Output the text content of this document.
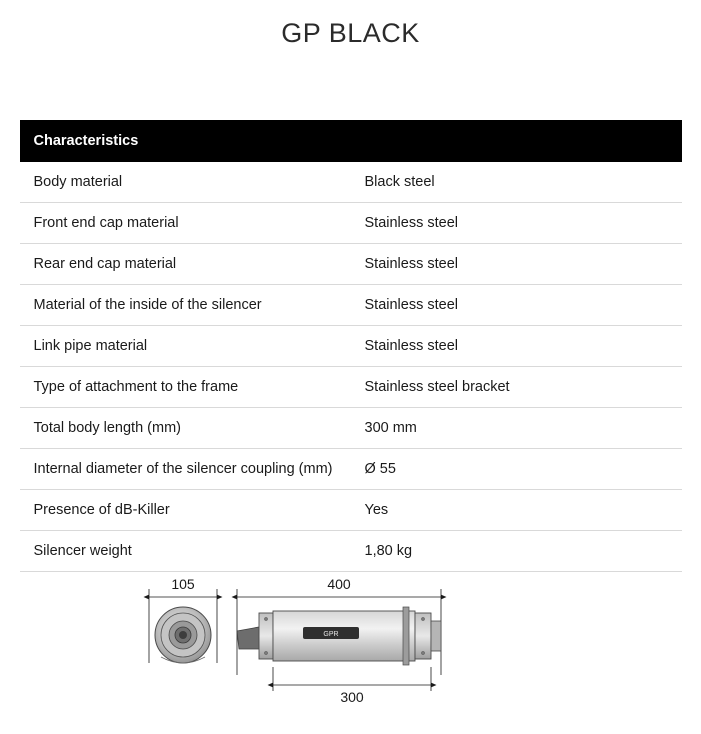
GP BLACK
Characteristics	
Body material	Black steel
Front end cap material	Stainless steel
Rear end cap material	Stainless steel
Material of the inside of the silencer	Stainless steel
Link pipe material	Stainless steel
Type of attachment to the frame	Stainless steel bracket
Total body length (mm)	300 mm
Internal diameter of the silencer coupling (mm)	Ø 55
Presence of dB-Killer	Yes
Silencer weight	1,80 kg
105	400
GPR
300
